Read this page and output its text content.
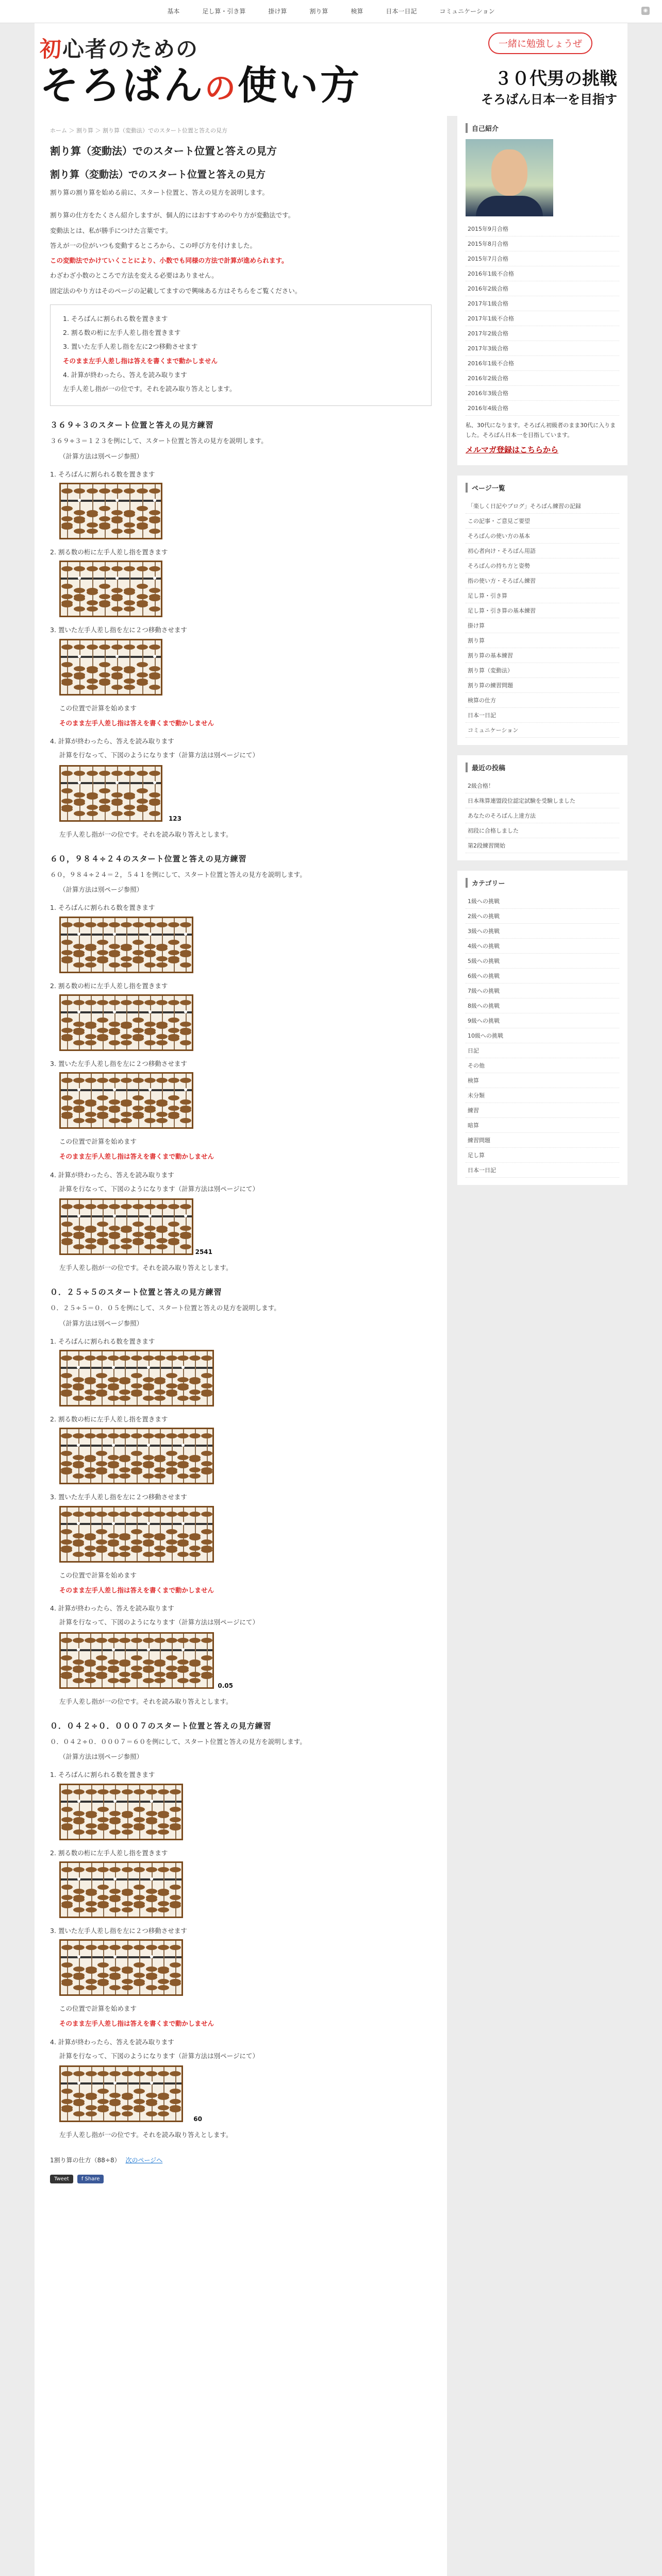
基本	足し算・引き算	掛け算	割り算	検算	日本一日記	コミュニケーション	◉
初心者のための
そろばんの使い方
一緒に勉強しょうぜ
３０代男の挑戦
そろばん日本一を目指す
ホーム ＞ 割り算 ＞ 割り算（変動法）でのスタート位置と答えの見方
割り算（変動法）でのスタート位置と答えの見方
割り算（変動法）でのスタート位置と答えの見方

割り算の割り算を始める前に、スタート位置と、答えの見方を説明します。

割り算の仕方をたくさん紹介しますが、個人的にはおすすめのやり方が変動法です。

変動法とは、私が勝手につけた言葉です。

答えが一の位がいつも変動するところから、この呼び方を付けました。

この変動法でかけていくことにより、小数でも同様の方法で計算が進められます。

わざわざ小数のところで方法を変える必要はありません。

固定法のやり方はそのページの記載してますので興味ある方はそちらをご覧ください。

1. そろばんに割られる数を置きます

2. 割る数の桁に左手人差し指を置きます

3. 置いた左手人差し指を左に2つ移動させます

そのまま左手人差し指は答えを書くまで動かしません

4. 計算が終わったら、答えを読み取ります

左手人差し指が一の位です。それを読み取り答えとします。

３６９÷３のスタート位置と答えの見方練習

３６９÷３＝１２３を例にして、スタート位置と答えの見方を説明します。

（計算方法は別ページ参照）

1. そろばんに割られる数を置きます

2. 割る数の桁に左手人差し指を置きます

3. 置いた左手人差し指を左に２つ移動させます

この位置で計算を始めます

そのまま左手人差し指は答えを書くまで動かしません

4. 計算が終わったら、答えを読み取ります

計算を行なって、下図のようになります（計算方法は別ページにて）

123

左手人差し指が一の位です。それを読み取り答えとします。

６０，９８４÷２４のスタート位置と答えの見方練習

６０，９８４÷２４＝２，５４１を例にして、スタート位置と答えの見方を説明します。

（計算方法は別ページ参照）

1. そろばんに割られる数を置きます

2. 割る数の桁に左手人差し指を置きます

3. 置いた左手人差し指を左に２つ移動させます

この位置で計算を始めます

そのまま左手人差し指は答えを書くまで動かしません

4. 計算が終わったら、答えを読み取ります

計算を行なって、下図のようになります（計算方法は別ページにて）

2541

左手人差し指が一の位です。それを読み取り答えとします。

０．２５÷５のスタート位置と答えの見方練習

０．２５÷５＝０．０５を例にして、スタート位置と答えの見方を説明します。

（計算方法は別ページ参照）

1. そろばんに割られる数を置きます

2. 割る数の桁に左手人差し指を置きます

3. 置いた左手人差し指を左に２つ移動させます

この位置で計算を始めます

そのまま左手人差し指は答えを書くまで動かしません

4. 計算が終わったら、答えを読み取ります

計算を行なって、下図のようになります（計算方法は別ページにて）

0.05

左手人差し指が一の位です。それを読み取り答えとします。

０．０４２÷０．０００７のスタート位置と答えの見方練習

０．０４２÷０．０００７＝６０を例にして、スタート位置と答えの見方を説明します。

（計算方法は別ページ参照）

1. そろばんに割られる数を置きます

2. 割る数の桁に左手人差し指を置きます

3. 置いた左手人差し指を左に２つ移動させます

この位置で計算を始めます

そのまま左手人差し指は答えを書くまで動かしません

4. 計算が終わったら、答えを読み取ります

計算を行なって、下図のようになります（計算方法は別ページにて）

60

左手人差し指が一の位です。それを読み取り答えとします。

1割り算の仕方（88÷8） 次のページへ
Tweet	f Share
自己紹介
2015年9月合格
2015年8月合格
2015年7月合格
2016年1級不合格
2016年2級合格
2017年1級合格
2017年1級不合格
2017年2級合格
2017年3級合格
2016年1級不合格
2016年2級合格
2016年3級合格
2016年4級合格

私、30代になります。そろばん初級者のまま30代に入りました。そろばん日本一を目指しています。

メルマガ登録はこちらから
ページ一覧
「楽しく日記やブログ」そろばん練習の記録
この記事・ご意見ご要望
そろばんの使い方の基本
初心者向け・そろばん用語
そろばんの持ち方と姿勢
指の使い方・そろばん練習
足し算・引き算
足し算・引き算の基本練習
掛け算
割り算
割り算の基本練習
割り算（変動法）
割り算の練習問題
検算の仕方
日本一日記
コミュニケーション
最近の投稿
2級合格！
日本珠算連盟段位認定試験を受験しました
あなたのそろばん上達方法
初段に合格しました
第2段練習開始
カテゴリー
1級への挑戦
2級への挑戦
3級への挑戦
4級への挑戦
5級への挑戦
6級への挑戦
7級への挑戦
8級への挑戦
9級への挑戦
10級への挑戦
日記
その他
検算
未分類
練習
暗算
練習問題
足し算
日本一日記
